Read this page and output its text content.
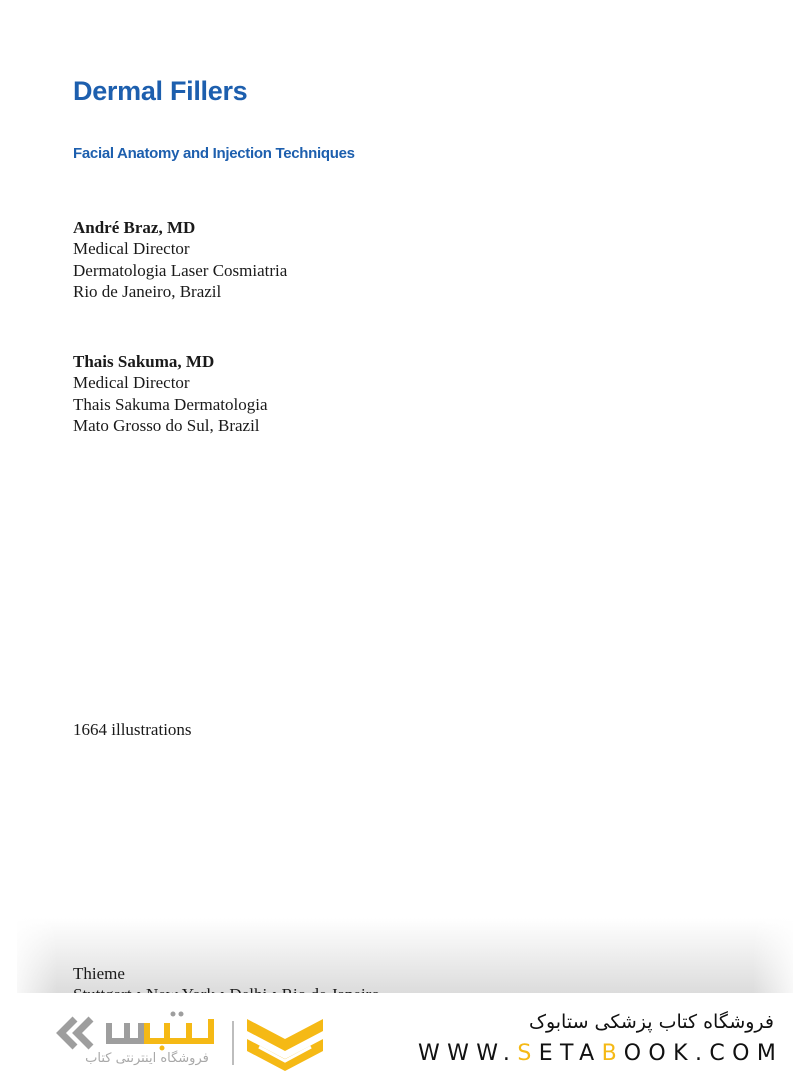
Dermal Fillers
Facial Anatomy and Injection Techniques
André Braz, MD
Medical Director
Dermatologia Laser Cosmiatria
Rio de Janeiro, Brazil
Thais Sakuma, MD
Medical Director
Thais Sakuma Dermatologia
Mato Grosso do Sul, Brazil
1664 illustrations
Thieme
فروشگاه اینترنتی کتاب
فروشگاه کتاب پزشکی ستابوک
WWW.SETABOOK.COM
